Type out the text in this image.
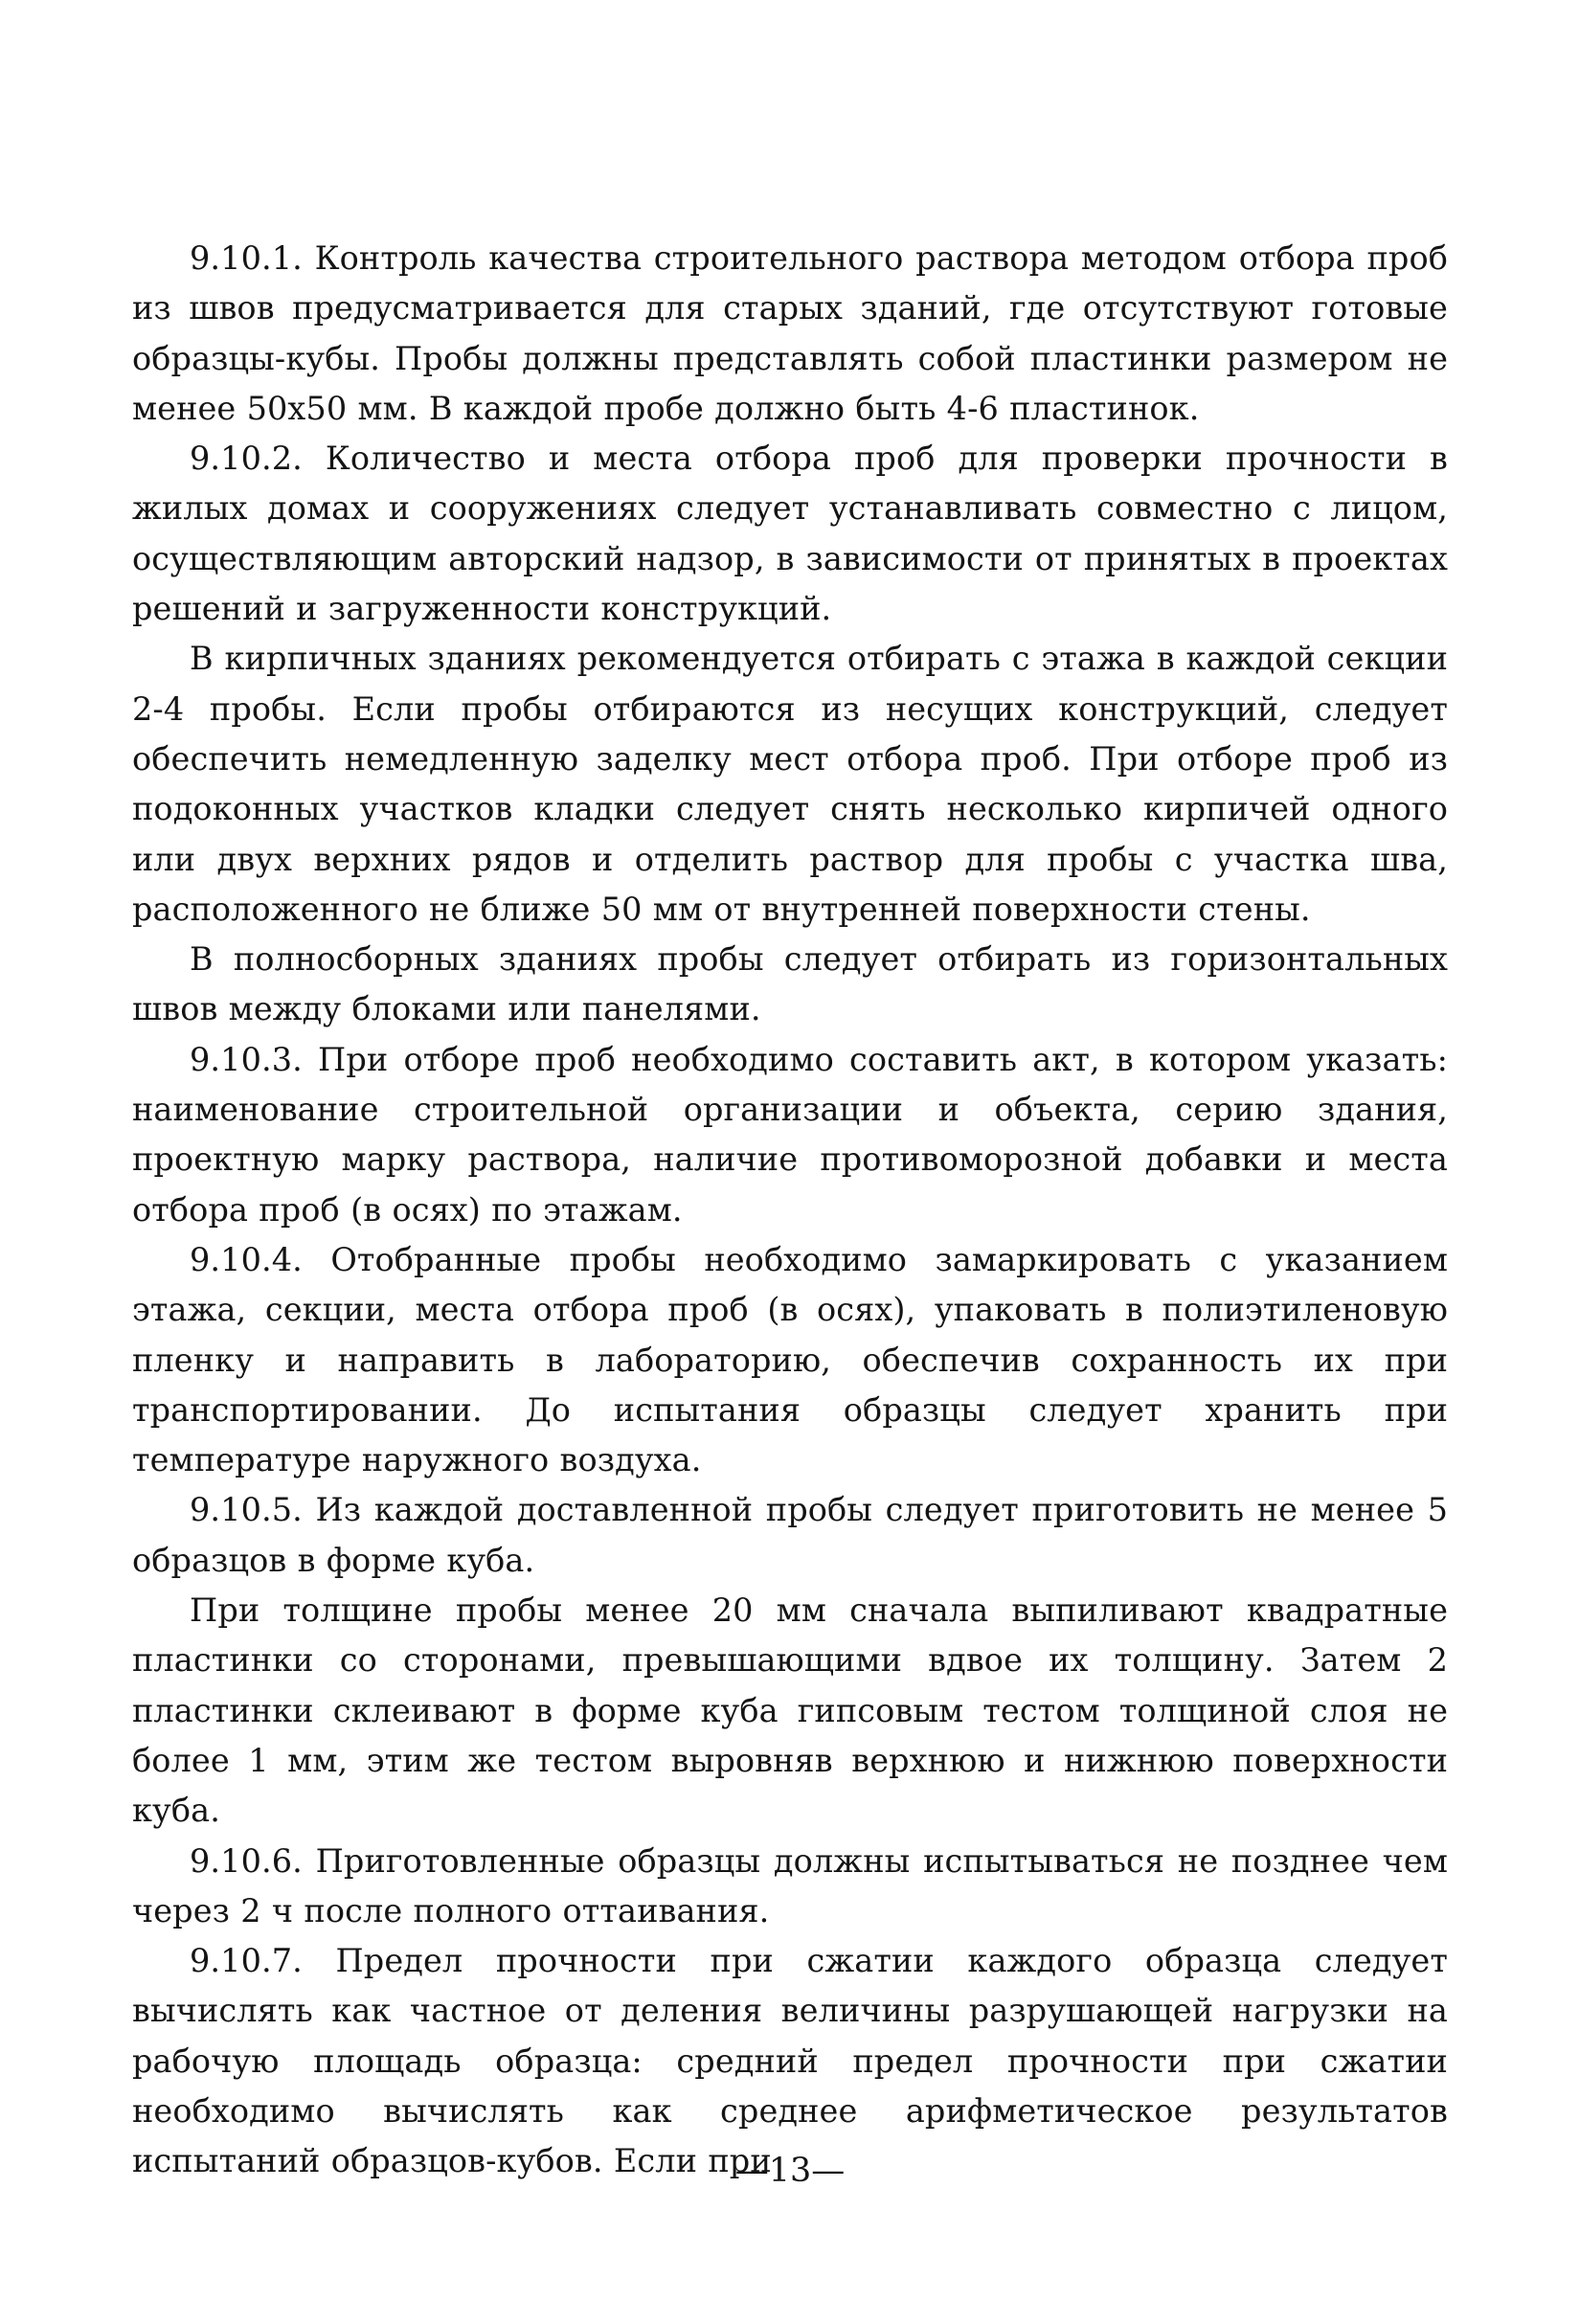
9.10.1. Контроль качества строительного раствора методом отбора проб из швов предусматривается для старых зданий, где отсутствуют готовые образцы-кубы. Пробы должны представлять собой пластинки размером не менее 50х50 мм. В каждой пробе должно быть 4-6 пластинок.

9.10.2. Количество и места отбора проб для проверки прочности в жилых домах и сооружениях следует устанавливать совместно с лицом, осуществляющим авторский надзор, в зависимости от принятых в проектах решений и загруженности конструкций.

В кирпичных зданиях рекомендуется отбирать с этажа в каждой секции 2-4 пробы. Если пробы отбираются из несущих конструкций, следует обеспечить немедленную заделку мест отбора проб. При отборе проб из подоконных участков кладки следует снять несколько кирпичей одного или двух верхних рядов и отделить раствор для пробы с участка шва, расположенного не ближе 50 мм от внутренней поверхности стены.

В полносборных зданиях пробы следует отбирать из горизонтальных швов между блоками или панелями.

9.10.3. При отборе проб необходимо составить акт, в котором указать: наименование строительной организации и объекта, серию здания, проектную марку раствора, наличие противоморозной добавки и места отбора проб (в осях) по этажам.

9.10.4. Отобранные пробы необходимо замаркировать с указанием этажа, секции, места отбора проб (в осях), упаковать в полиэтиленовую пленку и направить в лабораторию, обеспечив сохранность их при транспортировании. До испытания образцы следует хранить при температуре наружного воздуха.

9.10.5. Из каждой доставленной пробы следует приготовить не менее 5 образцов в форме куба.

При толщине пробы менее 20 мм сначала выпиливают квадратные пластинки со сторонами, превышающими вдвое их толщину. Затем 2 пластинки склеивают в форме куба гипсовым тестом толщиной слоя не более 1 мм, этим же тестом выровняв верхнюю и нижнюю поверхности куба.

9.10.6. Приготовленные образцы должны испытываться не позднее чем через 2 ч после полного оттаивания.

9.10.7. Предел прочности при сжатии каждого образца следует вычислять как частное от деления величины разрушающей нагрузки на рабочую площадь образца: средний предел прочности при сжатии необходимо вычислять как среднее арифметическое результатов испытаний образцов-кубов. Если при

—13—
